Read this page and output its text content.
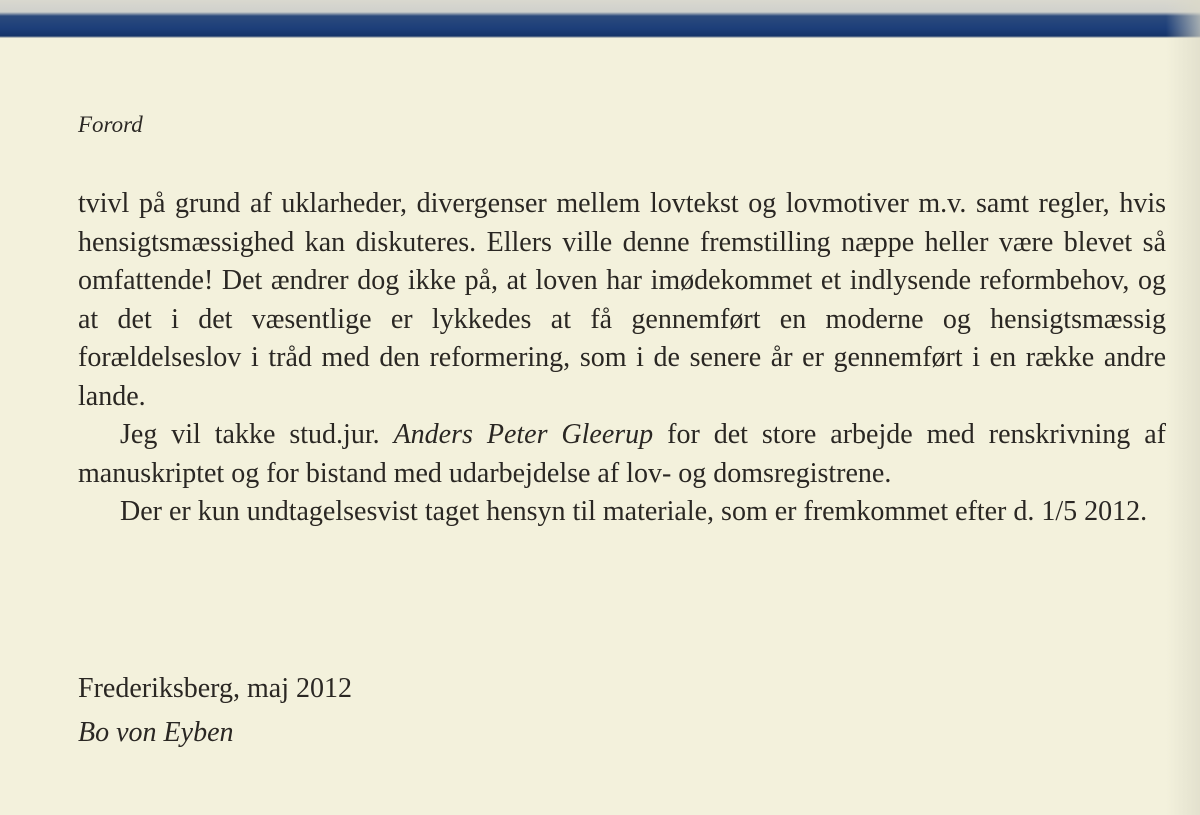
Forord

tvivl på grund af uklarheder, divergenser mellem lovtekst og lovmotiver m.v. samt regler, hvis hensigtsmæssighed kan diskuteres. Ellers ville denne fremstilling næppe heller være blevet så omfattende! Det ændrer dog ikke på, at loven har imødekommet et indlysende reformbehov, og at det i det væsentlige er lykkedes at få gennemført en moderne og hensigtsmæssig forældelseslov i tråd med den reformering, som i de senere år er gennemført i en række andre lande.

Jeg vil takke stud.jur. Anders Peter Gleerup for det store arbejde med renskrivning af manuskriptet og for bistand med udarbejdelse af lov- og domsregistrene.

Der er kun undtagelsesvist taget hensyn til materiale, som er fremkommet efter d. 1/5 2012.

Frederiksberg, maj 2012
Bo von Eyben
